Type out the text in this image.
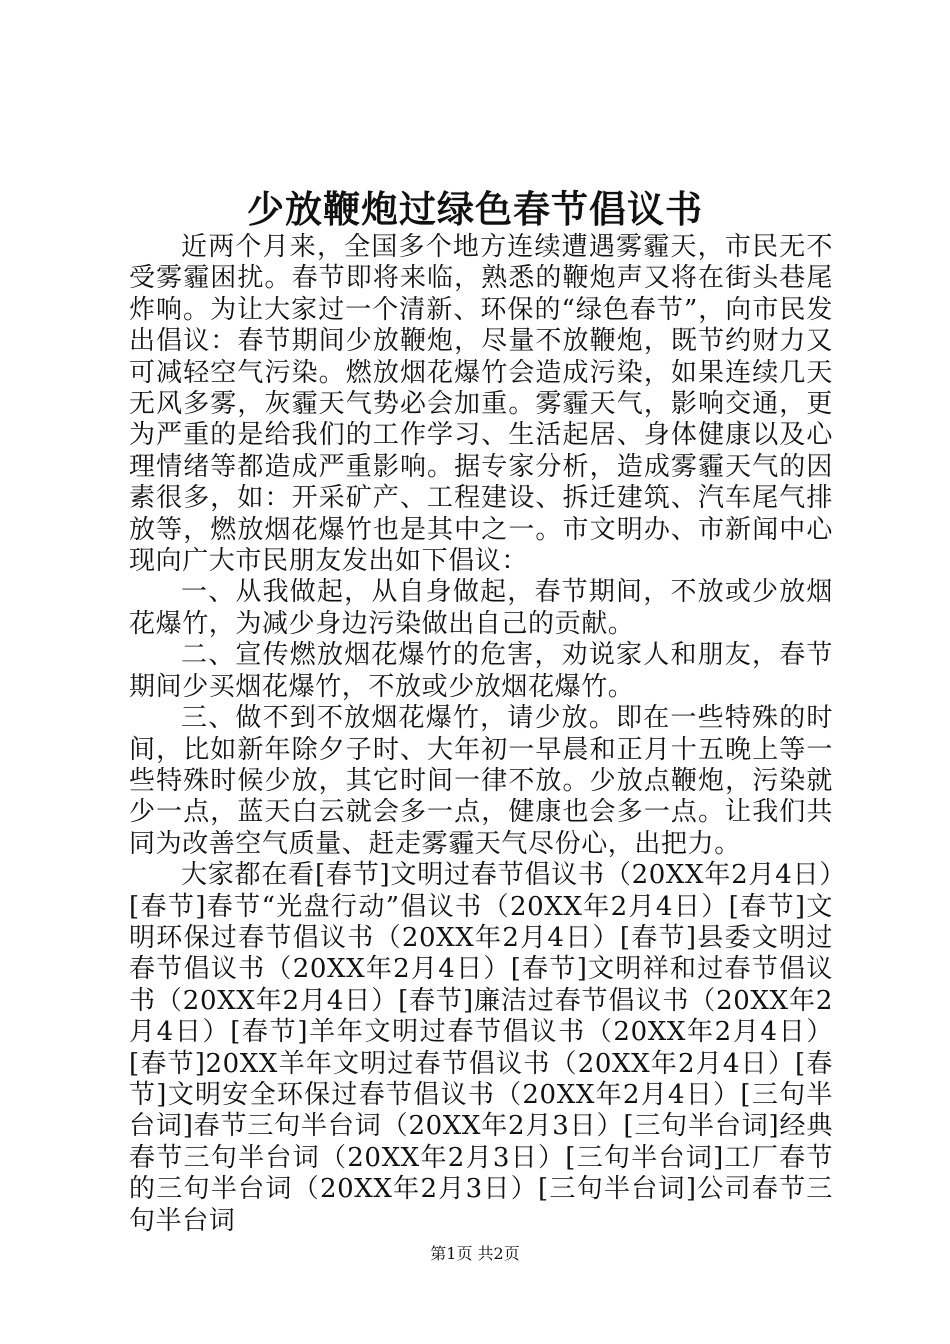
少放鞭炮过绿色春节倡议书

近两个月来，全国多个地方连续遭遇雾霾天，市民无不受雾霾困扰。春节即将来临，熟悉的鞭炮声又将在街头巷尾炸响。为让大家过一个清新、环保的“绿色春节”，向市民发出倡议：春节期间少放鞭炮，尽量不放鞭炮，既节约财力又可减轻空气污染。燃放烟花爆竹会造成污染，如果连续几天无风多雾，灰霾天气势必会加重。雾霾天气，影响交通，更为严重的是给我们的工作学习、生活起居、身体健康以及心理情绪等都造成严重影响。据专家分析，造成雾霾天气的因素很多，如：开采矿产、工程建设、拆迁建筑、汽车尾气排放等，燃放烟花爆竹也是其中之一。市文明办、市新闻中心现向广大市民朋友发出如下倡议：

一、从我做起，从自身做起，春节期间，不放或少放烟花爆竹，为减少身边污染做出自己的贡献。

二、宣传燃放烟花爆竹的危害，劝说家人和朋友，春节期间少买烟花爆竹，不放或少放烟花爆竹。

三、做不到不放烟花爆竹，请少放。即在一些特殊的时间，比如新年除夕子时、大年初一早晨和正月十五晚上等一些特殊时候少放，其它时间一律不放。少放点鞭炮，污染就少一点，蓝天白云就会多一点，健康也会多一点。让我们共同为改善空气质量、赶走雾霾天气尽份心，出把力。

大家都在看[春节]文明过春节倡议书（20XX年2月4日）[春节]春节“光盘行动”倡议书（20XX年2月4日）[春节]文明环保过春节倡议书（20XX年2月4日）[春节]县委文明过春节倡议书（20XX年2月4日）[春节]文明祥和过春节倡议书（20XX年2月4日）[春节]廉洁过春节倡议书（20XX年2月4日）[春节]羊年文明过春节倡议书（20XX年2月4日）[春节]20XX羊年文明过春节倡议书（20XX年2月4日）[春节]文明安全环保过春节倡议书（20XX年2月4日）[三句半台词]春节三句半台词（20XX年2月3日）[三句半台词]经典春节三句半台词（20XX年2月3日）[三句半台词]工厂春节的三句半台词（20XX年2月3日）[三句半台词]公司春节三句半台词

第1页 共2页
